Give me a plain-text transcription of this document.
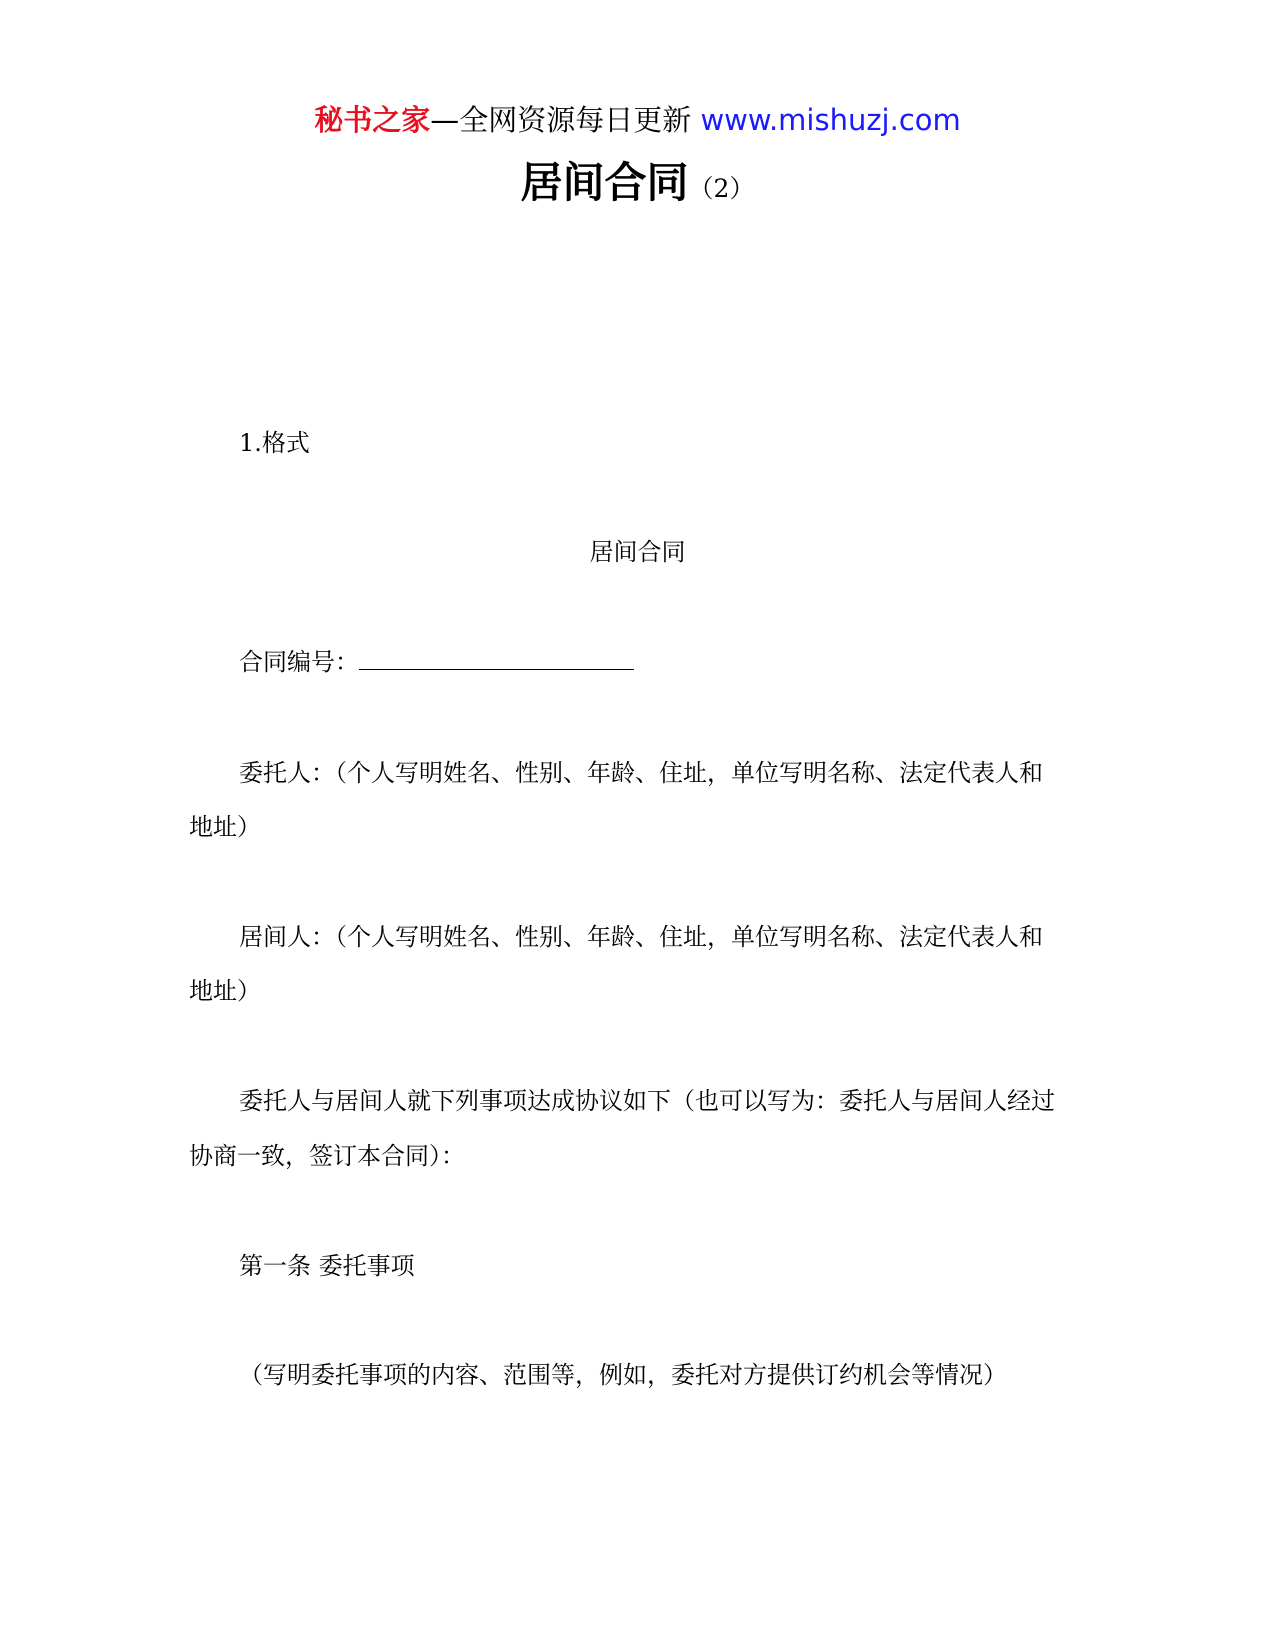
秘书之家—全网资源每日更新 www.mishuzj.com
居间合同（2）
1.格式
居间合同
合同编号：
委托人：（个人写明姓名、性别、年龄、住址，单位写明名称、法定代表人和
地址）
居间人：（个人写明姓名、性别、年龄、住址，单位写明名称、法定代表人和
地址）
委托人与居间人就下列事项达成协议如下（也可以写为：委托人与居间人经过
协商一致，签订本合同）：
第一条 委托事项
（写明委托事项的内容、范围等，例如，委托对方提供订约机会等情况）
